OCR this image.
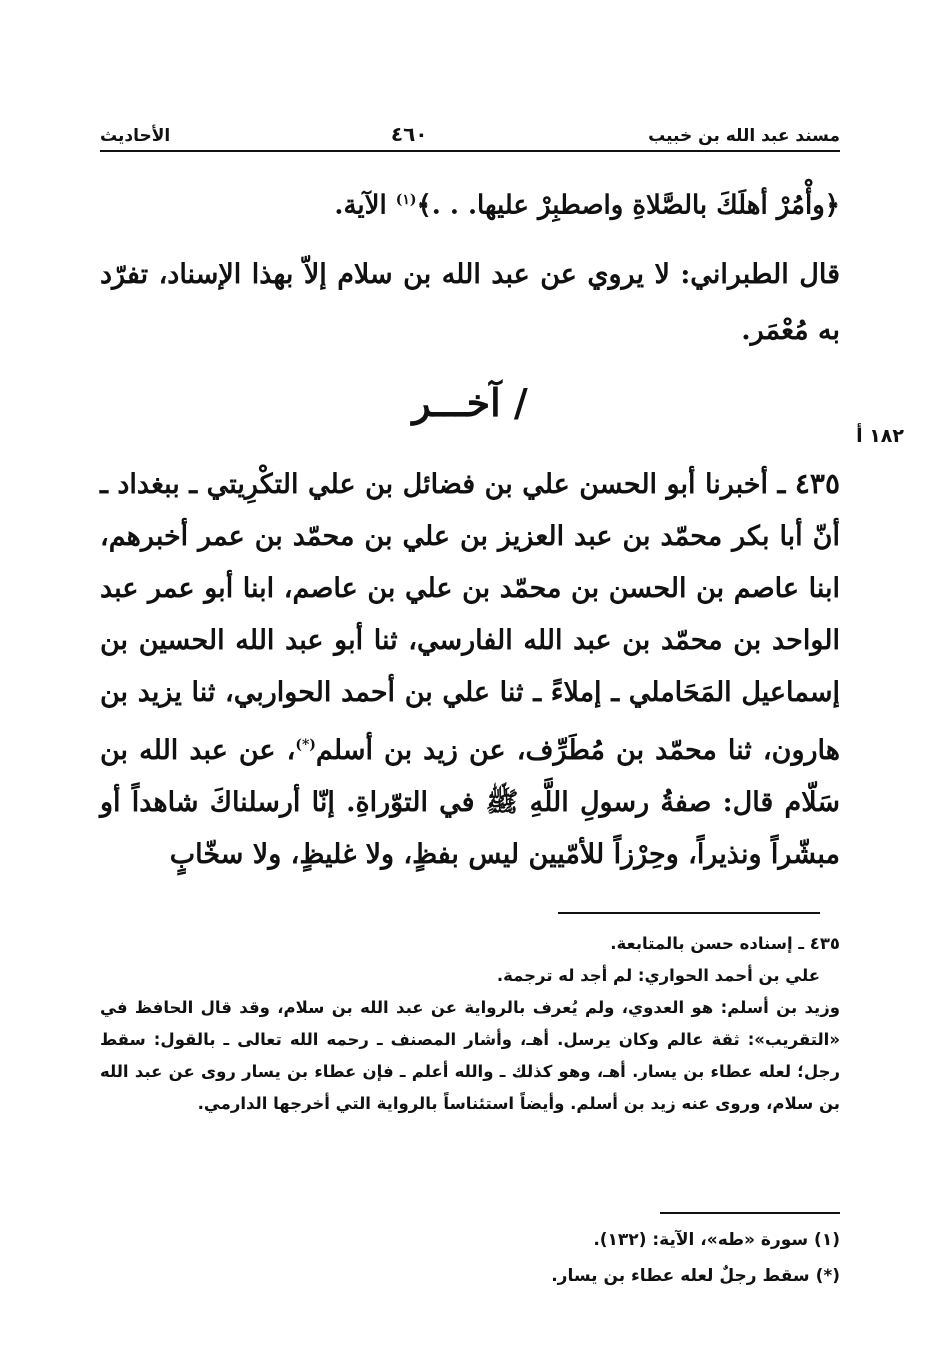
مسند عبد الله بن خبيب
٤٦٠
الأحاديث
﴿وأْمُرْ أهلَكَ بالصَّلاةِ واصطبِرْ عليها. . .﴾$^{(١)}$ الآية.
قال الطبراني: لا يروي عن عبد الله بن سلام إلاّ بهذا الإسناد، تفرّد به مُعْمَر.
/ آخـــر
١٨٢ أ
٤٣٥ ـ أخبرنا أبو الحسن علي بن فضائل بن علي التكْرِيتي ـ ببغداد ـ أنّ أبا بكر محمّد بن عبد العزيز بن علي بن محمّد بن عمر أخبرهم، ابنا عاصم بن الحسن بن محمّد بن علي بن عاصم، ابنا أبو عمر عبد الواحد بن محمّد بن عبد الله الفارسي، ثنا أبو عبد الله الحسين بن إسماعيل المَحَاملي ـ إملاءً ـ ثنا علي بن أحمد الحواربي، ثنا يزيد بن هارون، ثنا محمّد بن مُطَرِّف، عن زيد بن أسلم(*)، عن عبد الله بن سَلّام قال: صفةُ رسولِ اللَّهِ ﷺ في التوّراةِ. إنّا أرسلناكَ شاهداً أو مبشّراً ونذيراً، وحِرْزاً للأمّيين ليس بفظٍ، ولا غليظٍ، ولا سخّابٍ

٤٣٥ ـ إسناده حسن بالمتابعة.

علي بن أحمد الحواري: لم أجد له ترجمة.

وزيد بن أسلم: هو العدوي، ولم يُعرف بالرواية عن عبد الله بن سلام، وقد قال الحافظ في «التقريب»: ثقة عالم وكان يرسل. أهـ، وأشار المصنف ـ رحمه الله تعالى ـ بالقول: سقط رجل؛ لعله عطاء بن يسار. أهـ، وهو كذلك ـ والله أعلم ـ فإن عطاء بن يسار روى عن عبد الله بن سلام، وروى عنه زيد بن أسلم. وأيضاً استئناساً بالرواية التي أخرجها الدارمي.

(١) سورة «طه»، الآية: (١٣٢).

(*) سقط رجلٌ لعله عطاء بن يسار.
